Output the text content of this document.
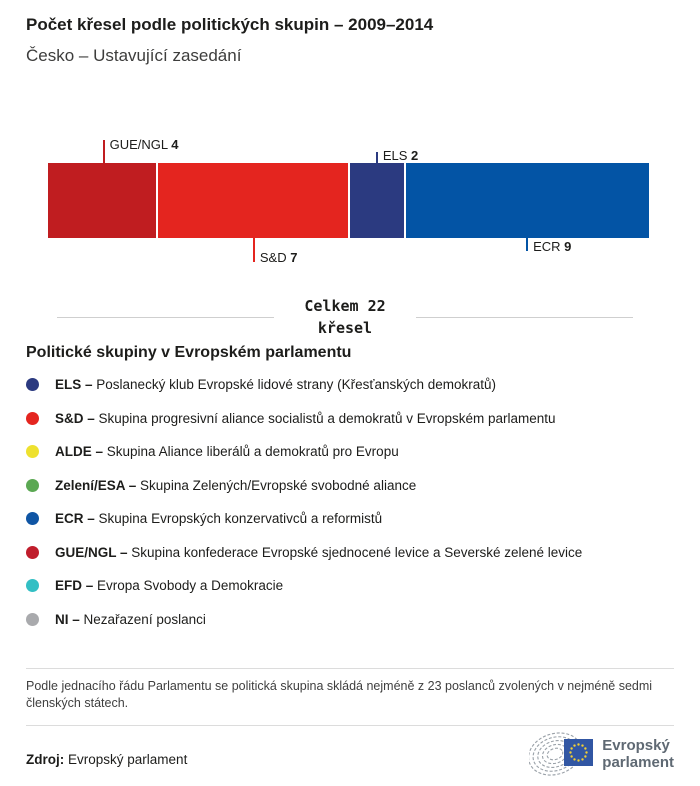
Počet křesel podle politických skupin – 2009–2014
Česko – Ustavující zasedání
GUE/NGL 4
S&D 7
ELS 2
ECR 9
Celkem 22
křesel
Politické skupiny v Evropském parlamentu
ELS – Poslanecký klub Evropské lidové strany (Křesťanských demokratů)
S&D – Skupina progresivní aliance socialistů a demokratů v Evropském parlamentu
ALDE – Skupina Aliance liberálů a demokratů pro Evropu
Zelení/ESA – Skupina Zelených/Evropské svobodné aliance
ECR – Skupina Evropských konzervativců a reformistů
GUE/NGL – Skupina konfederace Evropské sjednocené levice a Severské zelené levice
EFD – Evropa Svobody a Demokracie
NI – Nezařazení poslanci

Podle jednacího řádu Parlamentu se politická skupina skládá nejméně z 23 poslanců zvolených v nejméně sedmi členských státech.

Zdroj: Evropský parlament
Evropský
parlament
